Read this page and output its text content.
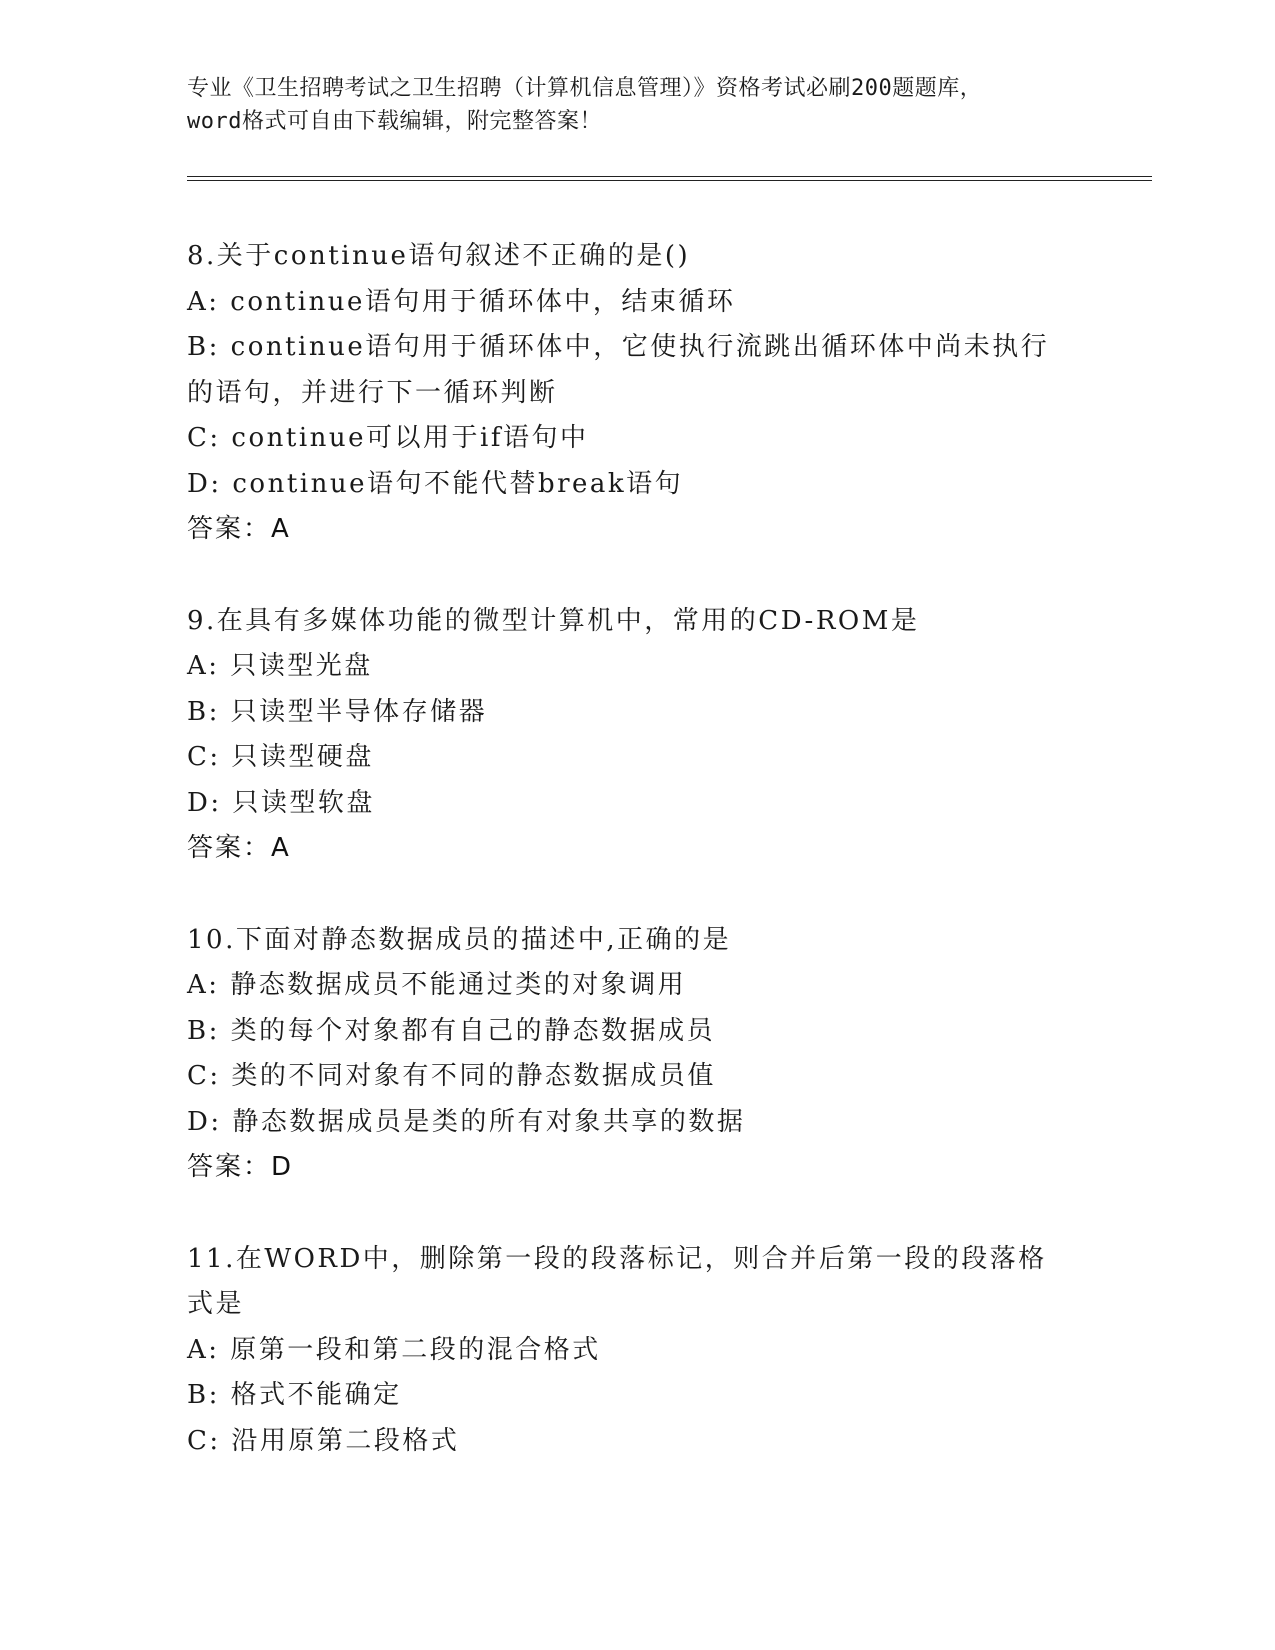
专业《卫生招聘考试之卫生招聘（计算机信息管理）》资格考试必刷200题题库，
word格式可自由下载编辑，附完整答案！
8.关于continue语句叙述不正确的是()
A: continue语句用于循环体中，结束循环
B: continue语句用于循环体中，它使执行流跳出循环体中尚未执行的语句，并进行下一循环判断
C: continue可以用于if语句中
D: continue语句不能代替break语句
答案：A
9.在具有多媒体功能的微型计算机中，常用的CD-ROM是
A: 只读型光盘
B: 只读型半导体存储器
C: 只读型硬盘
D: 只读型软盘
答案：A
10.下面对静态数据成员的描述中,正确的是
A: 静态数据成员不能通过类的对象调用
B: 类的每个对象都有自己的静态数据成员
C: 类的不同对象有不同的静态数据成员值
D: 静态数据成员是类的所有对象共享的数据
答案：D
11.在WORD中，删除第一段的段落标记，则合并后第一段的段落格式是
A: 原第一段和第二段的混合格式
B: 格式不能确定
C: 沿用原第二段格式
